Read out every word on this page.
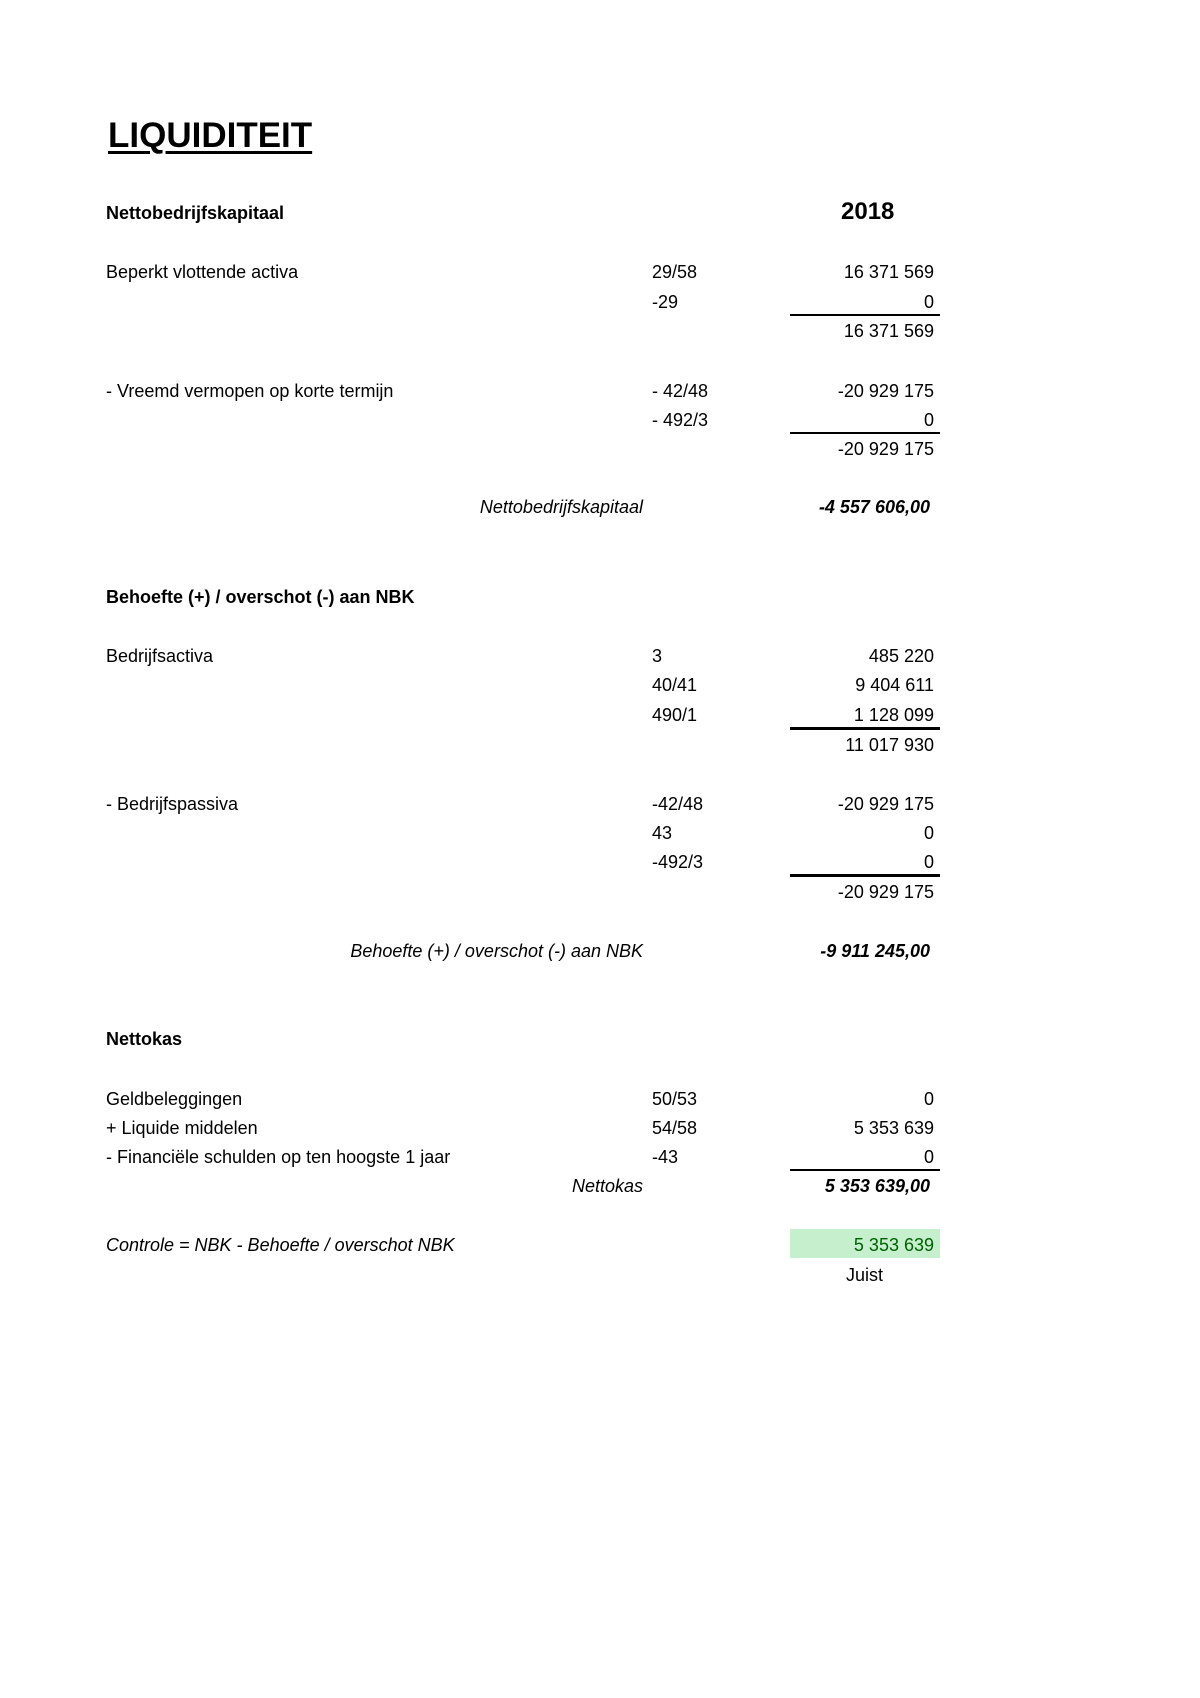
LIQUIDITEIT
Nettobedrijfskapitaal	2018
Beperkt vlottende activa	29/58	16 371 569
-29	0
16 371 569
- Vreemd vermopen op korte termijn	- 42/48	-20 929 175
- 492/3	0
-20 929 175
Nettobedrijfskapitaal	-4 557 606,00
Behoefte (+) / overschot (-) aan NBK
Bedrijfsactiva	3	485 220
40/41	9 404 611
490/1	1 128 099
11 017 930
- Bedrijfspassiva	-42/48	-20 929 175
43	0
-492/3	0
-20 929 175
Behoefte (+) / overschot (-) aan NBK	-9 911 245,00
Nettokas
Geldbeleggingen	50/53	0
+ Liquide middelen	54/58	5 353 639
- Financiële schulden op ten hoogste 1 jaar	-43	0
Nettokas	5 353 639,00
Controle = NBK - Behoefte / overschot NBK	5 353 639
Juist
